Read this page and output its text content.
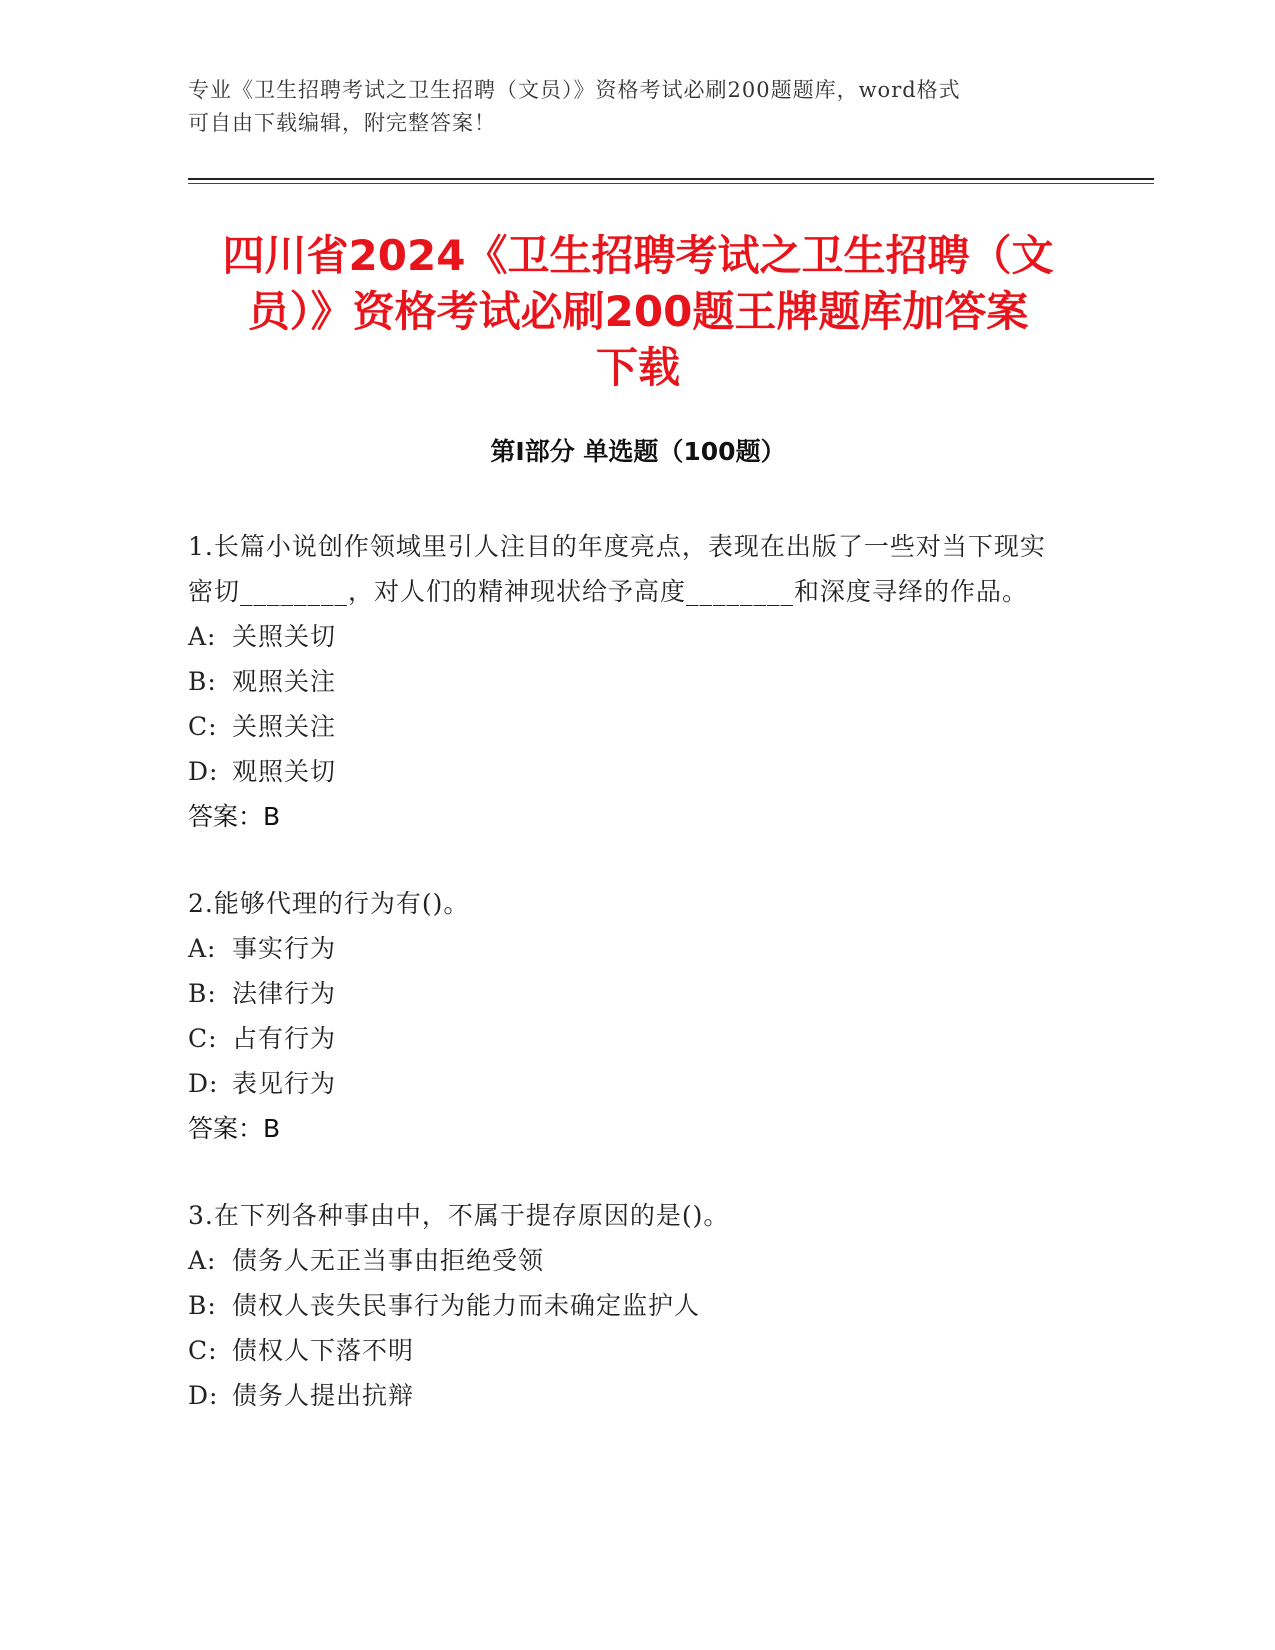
专业《卫生招聘考试之卫生招聘（文员）》资格考试必刷200题题库，word格式

可自由下载编辑，附完整答案！

四川省2024《卫生招聘考试之卫生招聘（文
员）》资格考试必刷200题王牌题库加答案
下载
第Ⅰ部分 单选题（100题）

1.长篇小说创作领域里引人注目的年度亮点，表现在出版了一些对当下现实密切________，对人们的精神现状给予高度________和深度寻绎的作品。

A: 关照关切

B: 观照关注

C: 关照关注

D: 观照关切

答案：B

2.能够代理的行为有()。

A: 事实行为

B: 法律行为

C: 占有行为

D: 表见行为

答案：B

3.在下列各种事由中，不属于提存原因的是()。

A: 债务人无正当事由拒绝受领

B: 债权人丧失民事行为能力而未确定监护人

C: 债权人下落不明

D: 债务人提出抗辩
